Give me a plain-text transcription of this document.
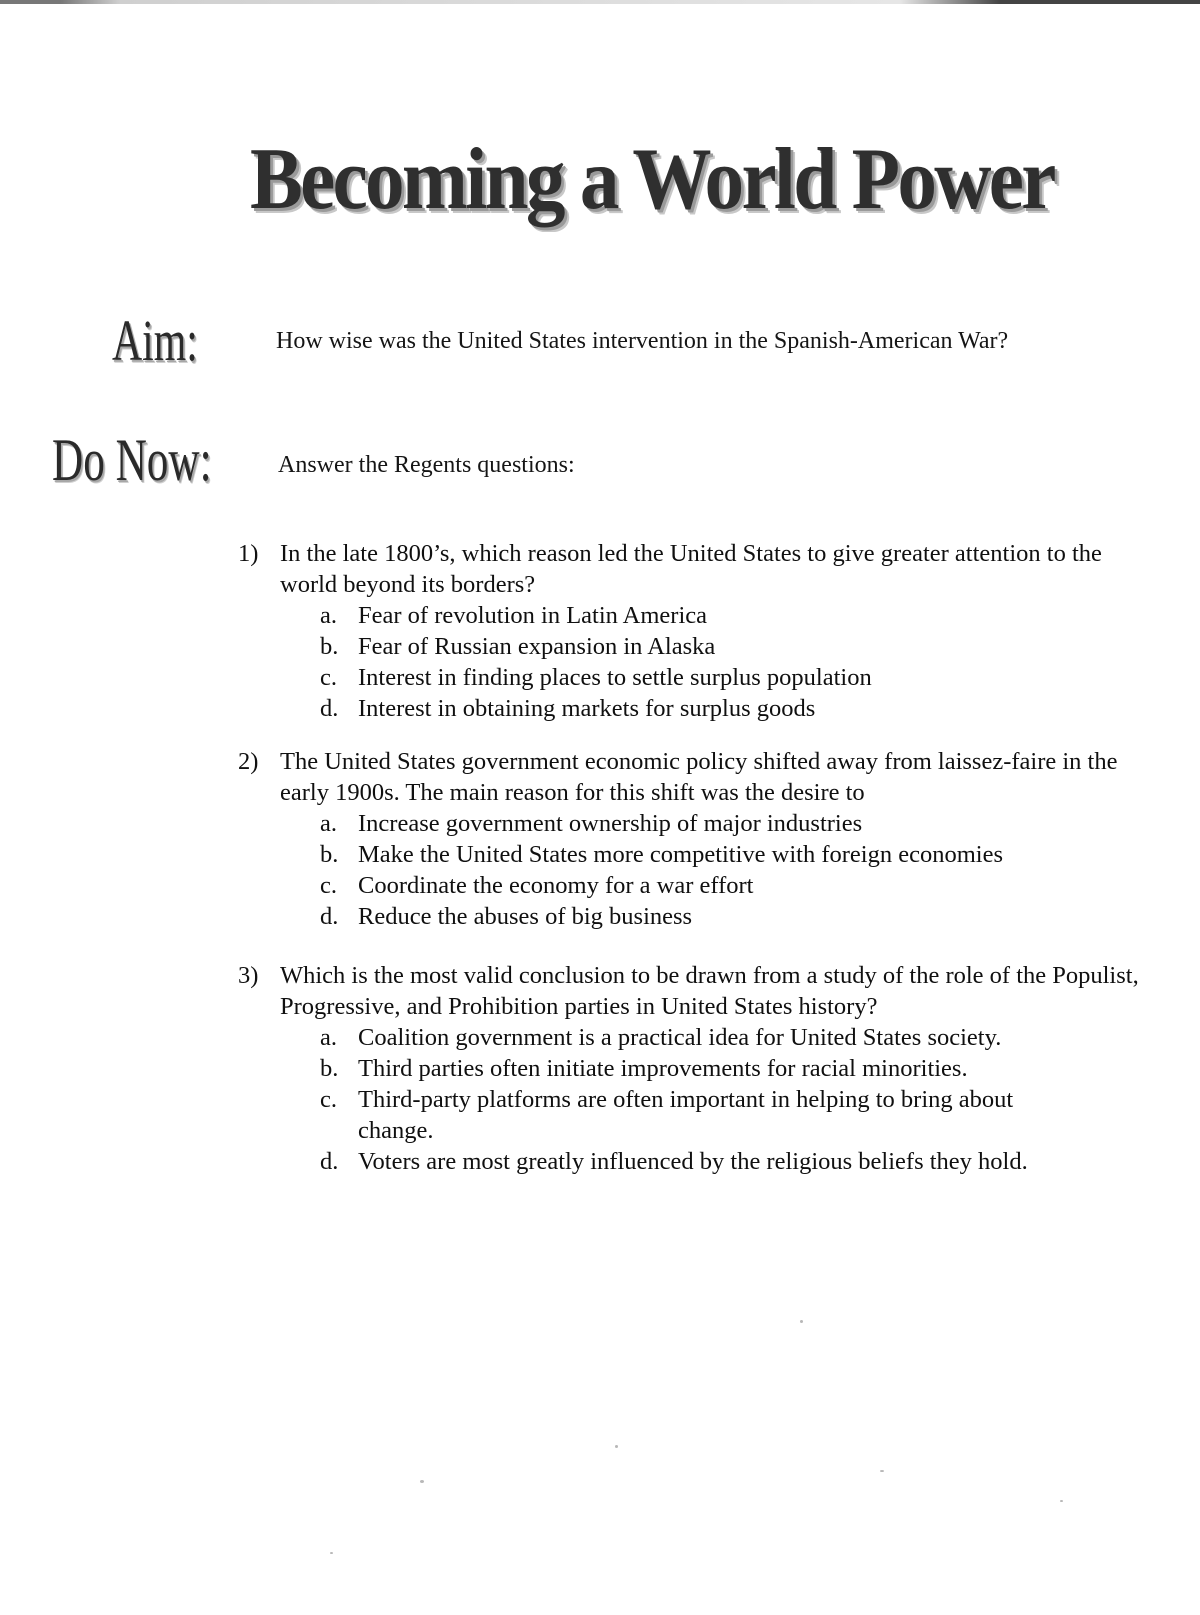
Becoming a World Power
Aim:	How wise was the United States intervention in the Spanish-American War?
Do Now:	Answer the Regents questions:
1) In the late 1800’s, which reason led the United States to give greater attention to the world beyond its borders?
a. Fear of revolution in Latin America
b. Fear of Russian expansion in Alaska
c. Interest in finding places to settle surplus population
d. Interest in obtaining markets for surplus goods
2) The United States government economic policy shifted away from laissez-faire in the early 1900s. The main reason for this shift was the desire to
a. Increase government ownership of major industries
b. Make the United States more competitive with foreign economies
c. Coordinate the economy for a war effort
d. Reduce the abuses of big business
3) Which is the most valid conclusion to be drawn from a study of the role of the Populist, Progressive, and Prohibition parties in United States history?
a. Coalition government is a practical idea for United States society.
b. Third parties often initiate improvements for racial minorities.
c. Third-party platforms are often important in helping to bring about change.
d. Voters are most greatly influenced by the religious beliefs they hold.
